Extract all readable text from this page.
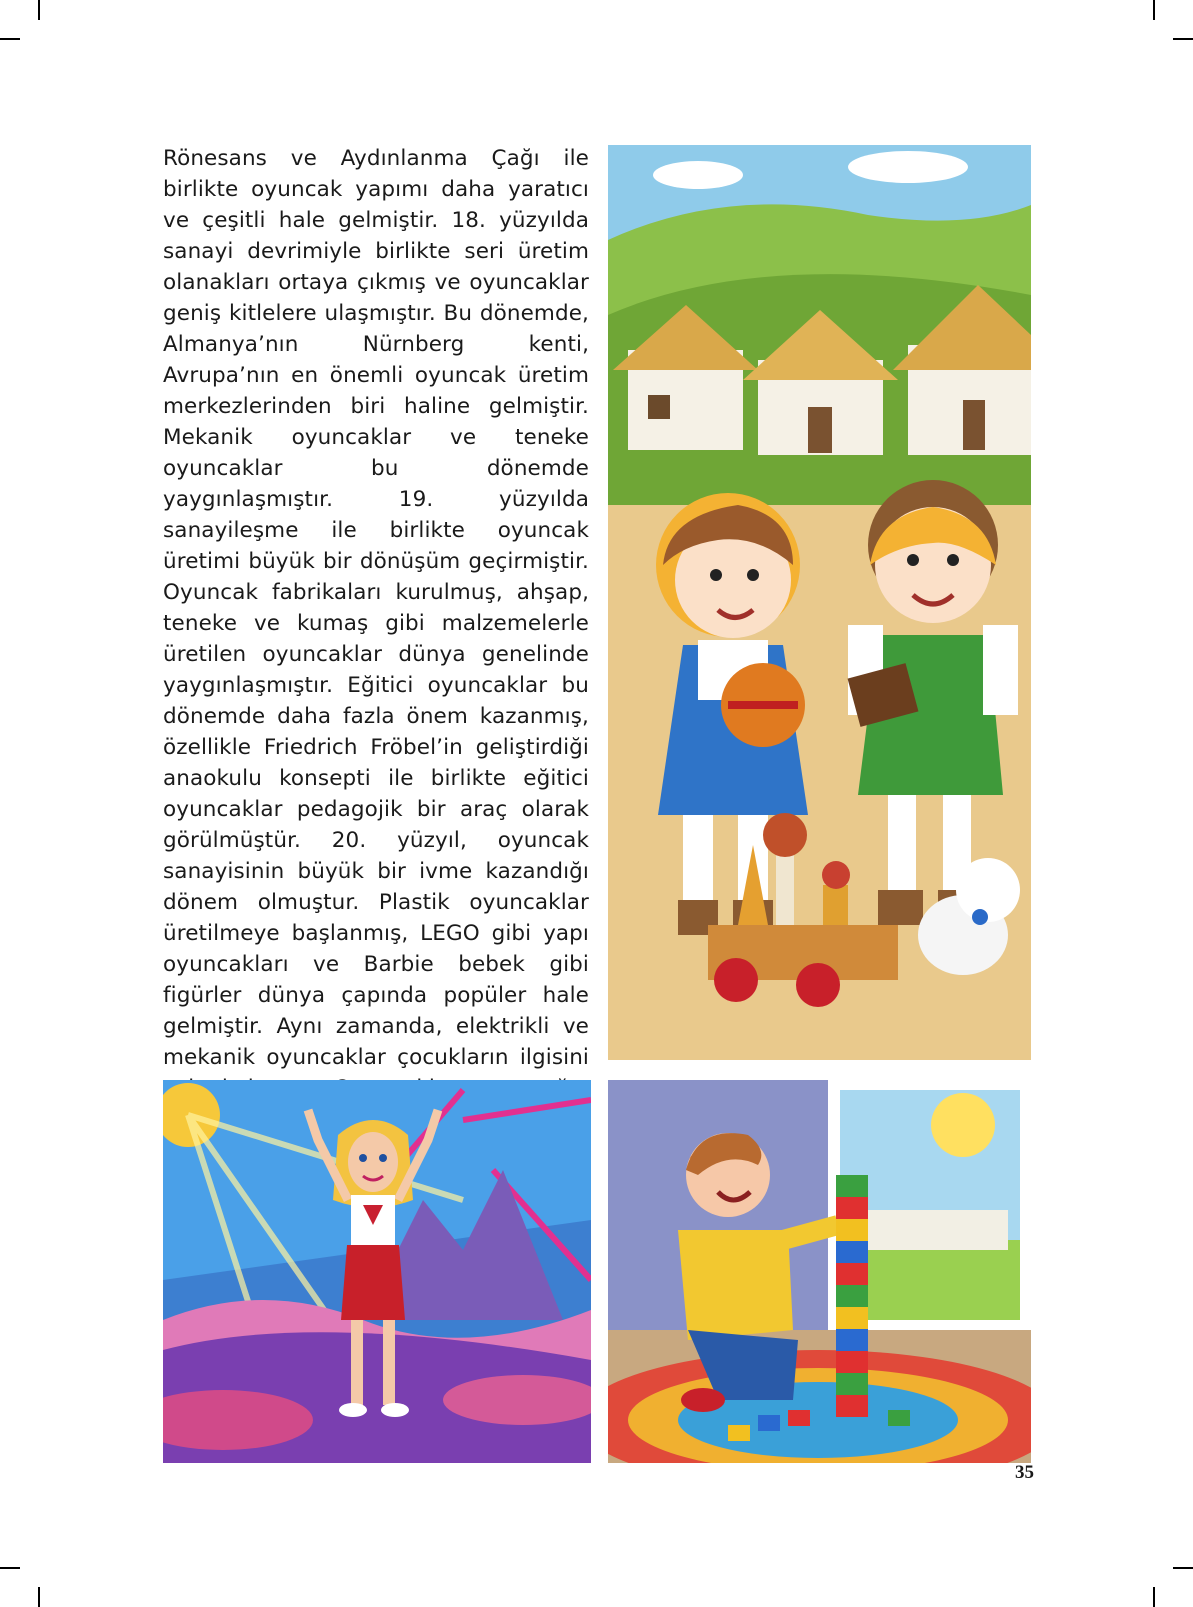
Rönesans ve Aydınlanma Çağı ile birlikte oyuncak yapımı daha yaratıcı ve çeşitli hale gelmiştir. 18. yüzyılda sanayi devrimiyle birlikte seri üretim olanakları ortaya çıkmış ve oyuncaklar geniş kitlelere ulaşmıştır. Bu dönemde, Almanya’nın Nürnberg kenti, Avrupa’nın en önemli oyuncak üretim merkezlerinden biri haline gelmiştir. Mekanik oyuncaklar ve teneke oyuncaklar bu dönemde yaygınlaşmıştır. 19. yüzyılda sanayileşme ile birlikte oyuncak üretimi büyük bir dönüşüm geçirmiştir. Oyuncak fabrikaları kurulmuş, ahşap, teneke ve kumaş gibi malzemelerle üretilen oyuncaklar dünya genelinde yaygınlaşmıştır. Eğitici oyuncaklar bu dönemde daha fazla önem kazanmış, özellikle Friedrich Fröbel’in geliştirdiği anaokulu konsepti ile birlikte eğitici oyuncaklar pedagojik bir araç olarak görülmüştür. 20. yüzyıl, oyuncak sanayisinin büyük bir ivme kazandığı dönem olmuştur. Plastik oyuncaklar üretilmeye başlanmış, LEGO gibi yapı oyuncakları ve Barbie bebek gibi figürler dünya çapında popüler hale gelmiştir. Aynı zamanda, elektrikli ve mekanik oyuncaklar çocukların ilgisini
35
